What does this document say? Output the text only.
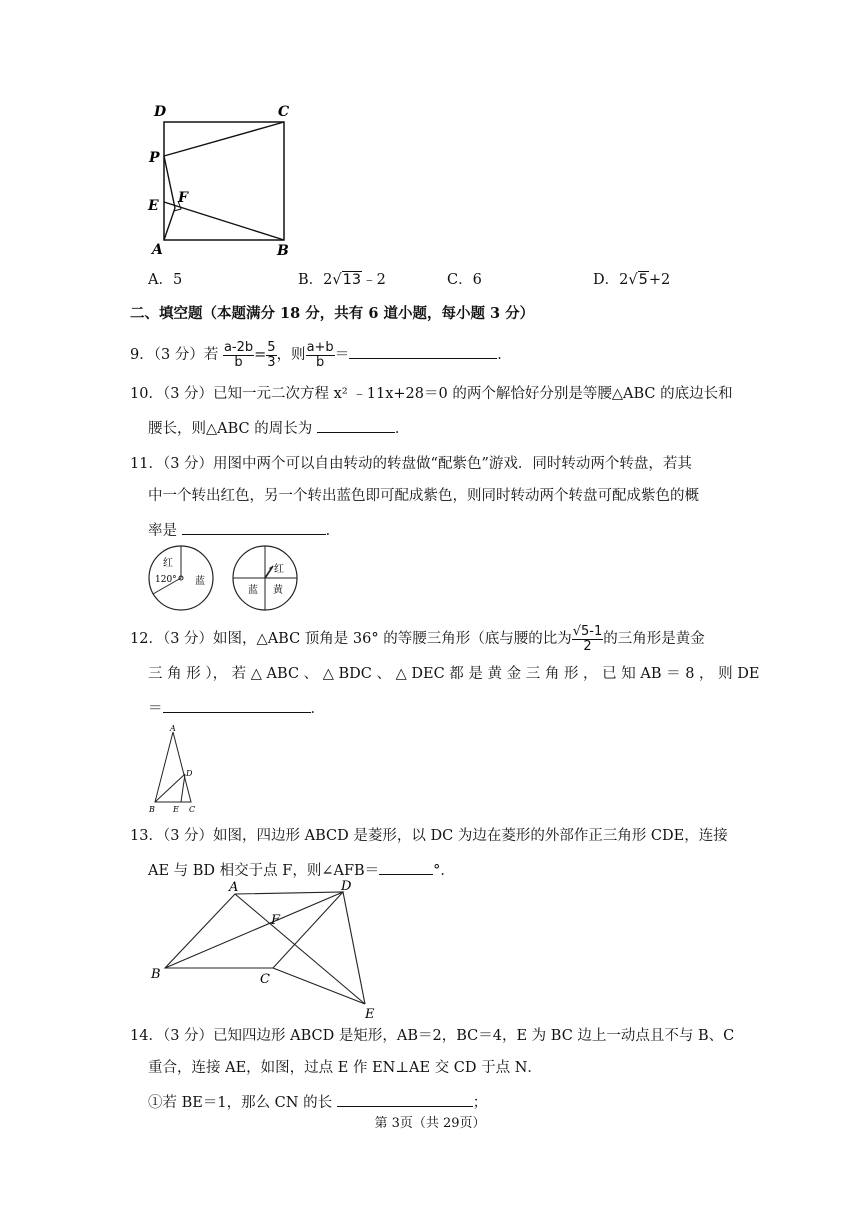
D	C
P
E F
A	B
A．5	B．2√13﹣2	C．6	D．2√5+2
二、填空题（本题满分 18 分，共有 6 道小题，每小题 3 分）
9．（3 分）若 $\frac{a-2b}{b} = \frac{5}{3}$ ，则 $\frac{a+b}{b}$ ＝	．
10．（3 分）已知一元二次方程 x² ﹣11x+28＝0 的两个解恰好分别是等腰△ABC 的底边长和
腰长，则△ABC 的周长为	．
11．（3 分）用图中两个可以自由转动的转盘做“配紫色”游戏．同时转动两个转盘，若其
中一个转出红色，另一个转出蓝色即可配成紫色，则同时转动两个转盘可配成紫色的概
率是	．
红
120° 蓝
红
蓝 黄
12．（3 分）如图，△ABC 顶角是 36° 的等腰三角形（底与腰的比为 $\frac{√5-1}{2}$ 的三角形是黄金
三 角 形 ）， 若 △ ABC 、 △ BDC 、 △ DEC 都 是 黄 金 三 角 形 ， 已 知 AB ＝ 8 ， 则 DE
＝	．
A
D
B E C
13．（3 分）如图，四边形 ABCD 是菱形，以 DC 为边在菱形的外部作正三角形 CDE，连接
AE 与 BD 相交于点 F，则∠AFB＝	°．
A	D
F
B	C
E
14．（3 分）已知四边形 ABCD 是矩形，AB＝2，BC＝4，E 为 BC 边上一动点且不与 B、C
重合，连接 AE，如图，过点 E 作 EN⊥AE 交 CD 于点 N．
①若 BE＝1，那么 CN 的长	；
第 3页（共 29页）
